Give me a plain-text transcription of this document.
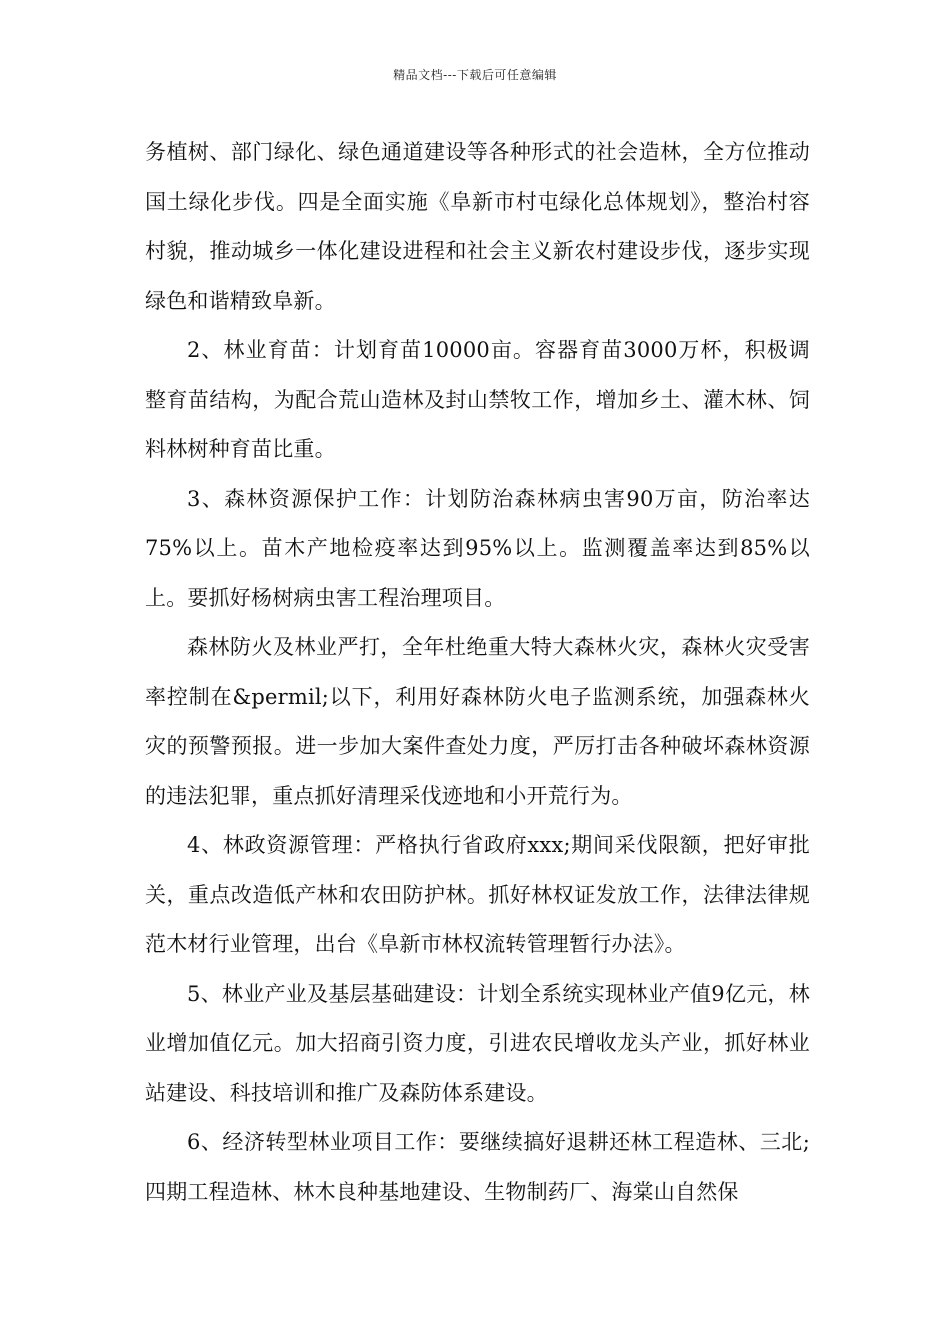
精品文档---下载后可任意编辑

务植树、部门绿化、绿色通道建设等各种形式的社会造林，全方位推动国土绿化步伐。四是全面实施《阜新市村屯绿化总体规划》，整治村容村貌，推动城乡一体化建设进程和社会主义新农村建设步伐，逐步实现绿色和谐精致阜新。

2、林业育苗：计划育苗10000亩。容器育苗3000万杯，积极调整育苗结构，为配合荒山造林及封山禁牧工作，增加乡土、灌木林、饲料林树种育苗比重。

3、森林资源保护工作：计划防治森林病虫害90万亩，防治率达75%以上。苗木产地检疫率达到95%以上。监测覆盖率达到85%以上。要抓好杨树病虫害工程治理项目。

森林防火及林业严打，全年杜绝重大特大森林火灾，森林火灾受害率控制在&permil;以下，利用好森林防火电子监测系统，加强森林火灾的预警预报。进一步加大案件查处力度，严厉打击各种破坏森林资源的违法犯罪，重点抓好清理采伐迹地和小开荒行为。

4、林政资源管理：严格执行省政府xxx;期间采伐限额，把好审批关，重点改造低产林和农田防护林。抓好林权证发放工作，法律法律规范木材行业管理，出台《阜新市林权流转管理暂行办法》。

5、林业产业及基层基础建设：计划全系统实现林业产值9亿元，林业增加值亿元。加大招商引资力度，引进农民增收龙头产业，抓好林业站建设、科技培训和推广及森防体系建设。

6、经济转型林业项目工作：要继续搞好退耕还林工程造林、三北;四期工程造林、林木良种基地建设、生物制药厂、海棠山自然保
